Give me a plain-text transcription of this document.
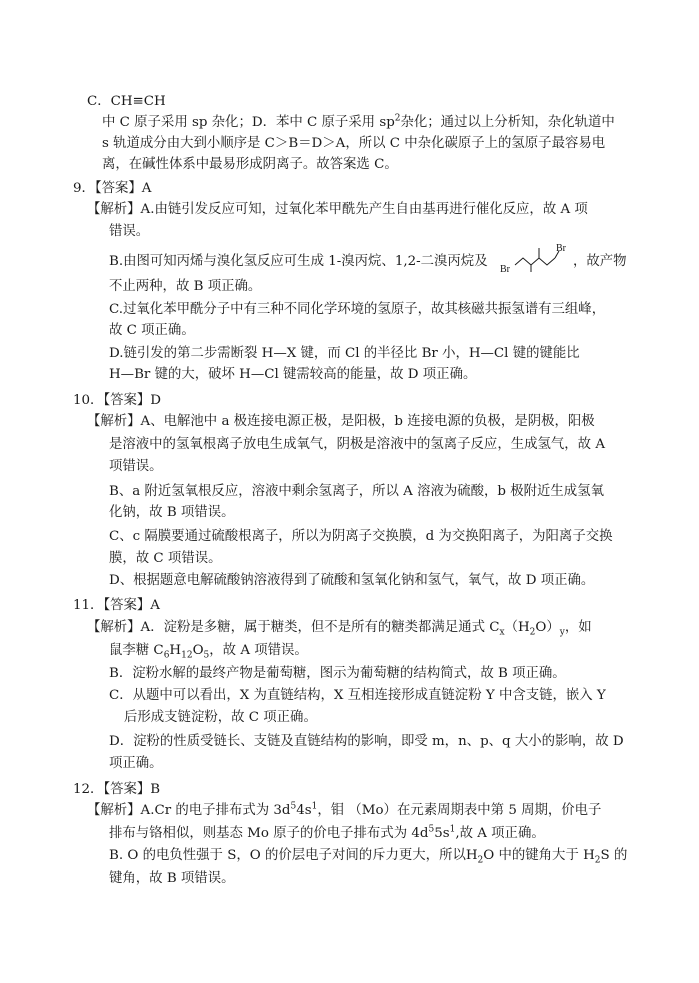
C．CH≡CH
中 C 原子采用 sp 杂化；D．苯中 C 原子采用 $sp^2$杂化；通过以上分析知，杂化轨道中
s 轨道成分由大到小顺序是 C＞B＝D＞A，所以 C 中杂化碳原子上的氢原子最容易电
离，在碱性体系中最易形成阴离子。故答案选 C。
9．【答案】A
【解析】A.由链引发反应可知，过氧化苯甲酰先产生自由基再进行催化反应，故 A 项
错误。
B.由图可知丙烯与溴化氢反应可生成 1-溴丙烷、1,2-二溴丙烷及
Br
Br
，故产物
不止两种，故 B 项正确。
C.过氧化苯甲酰分子中有三种不同化学环境的氢原子，故其核磁共振氢谱有三组峰，
故 C 项正确。
D.链引发的第二步需断裂 H—X 键，而 Cl 的半径比 Br 小，H—Cl 键的键能比
H—Br 键的大，破坏 H—Cl 键需较高的能量，故 D 项正确。
10．【答案】D
【解析】A、电解池中 a 极连接电源正极，是阳极，b 连接电源的负极，是阴极，阳极
是溶液中的氢氧根离子放电生成氧气，阴极是溶液中的氢离子反应，生成氢气，故 A
项错误。
B、a 附近氢氧根反应，溶液中剩余氢离子，所以 A 溶液为硫酸，b 极附近生成氢氧
化钠，故 B 项错误。
C、c 隔膜要通过硫酸根离子，所以为阴离子交换膜，d 为交换阳离子，为阳离子交换
膜，故 C 项错误。
D、根据题意电解硫酸钠溶液得到了硫酸和氢氧化钠和氢气，氧气，故 D 项正确。
11．【答案】A
【解析】A．淀粉是多糖，属于糖类，但不是所有的糖类都满足通式 $C_x(H_2O)_y$，如
鼠李糖 $C_6H_{12}O_5$，故 A 项错误。
B．淀粉水解的最终产物是葡萄糖，图示为葡萄糖的结构简式，故 B 项正确。
C．从题中可以看出，X 为直链结构，X 互相连接形成直链淀粉 Y 中含支链，嵌入 Y
后形成支链淀粉，故 C 项正确。
D．淀粉的性质受链长、支链及直链结构的影响，即受 m，n、p、q 大小的影响，故 D
项正确。
12．【答案】B
【解析】A.Cr 的电子排布式为 $3d^54s^1$，钼 （Mo）在元素周期表中第 5 周期，价电子
排布与铬相似，则基态 Mo 原子的价电子排布式为 $4d^55s^1$,故 A 项正确。
B. O 的电负性强于 S，O 的价层电子对间的斥力更大，所以$H_2O$ 中的键角大于 $H_2S$ 的
键角，故 B 项错误。
